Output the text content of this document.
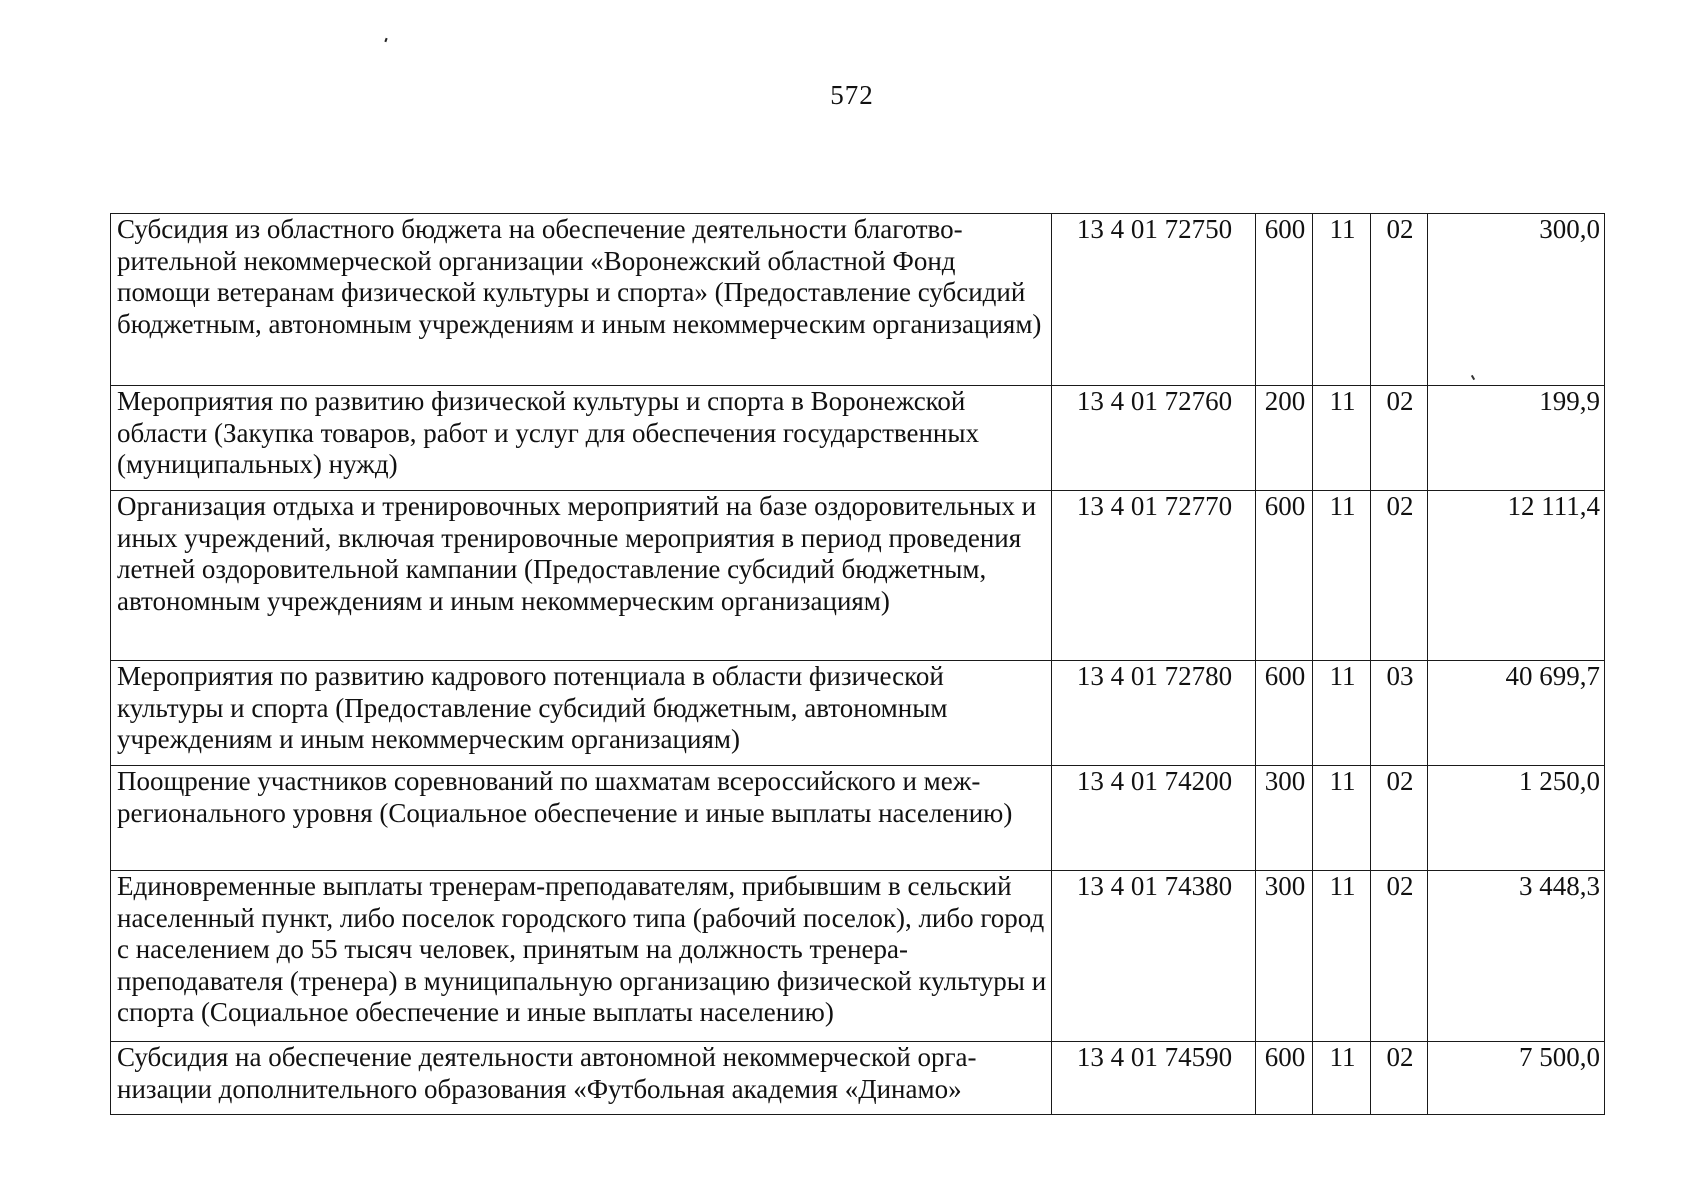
572
Субсидия из областного бюджета на обеспечение деятельности благотворительной некоммерческой организации «Воронежский областной Фонд помощи ветеранам физической культуры и спорта» (Предоставление субсидий бюджетным, автономным учреждениям и иным некоммерческим организациям)	13 4 01 72750	600	11	02	300,0
Мероприятия по развитию физической культуры и спорта в Воронежской области (Закупка товаров, работ и услуг для обеспечения государственных (муниципальных) нужд)	13 4 01 72760	200	11	02	199,9
Организация отдыха и тренировочных мероприятий на базе оздоровительных и иных учреждений, включая тренировочные мероприятия в период проведения летней оздоровительной кампании (Предоставление субсидий бюджетным, автономным учреждениям и иным некоммерческим организациям)	13 4 01 72770	600	11	02	12 111,4
Мероприятия по развитию кадрового потенциала в области физической культуры и спорта (Предоставление субсидий бюджетным, автономным учреждениям и иным некоммерческим организациям)	13 4 01 72780	600	11	03	40 699,7
Поощрение участников соревнований по шахматам всероссийского и межрегионального уровня (Социальное обеспечение и иные выплаты населению)	13 4 01 74200	300	11	02	1 250,0
Единовременные выплаты тренерам-преподавателям, прибывшим в сельский населенный пункт, либо поселок городского типа (рабочий поселок), либо город с населением до 55 тысяч человек, принятым на должность тренера-преподавателя (тренера) в муниципальную организацию физической культуры и спорта (Социальное обеспечение и иные выплаты населению)	13 4 01 74380	300	11	02	3 448,3
Субсидия на обеспечение деятельности автономной некоммерческой организации дополнительного образования «Футбольная академия «Динамо»	13 4 01 74590	600	11	02	7 500,0
